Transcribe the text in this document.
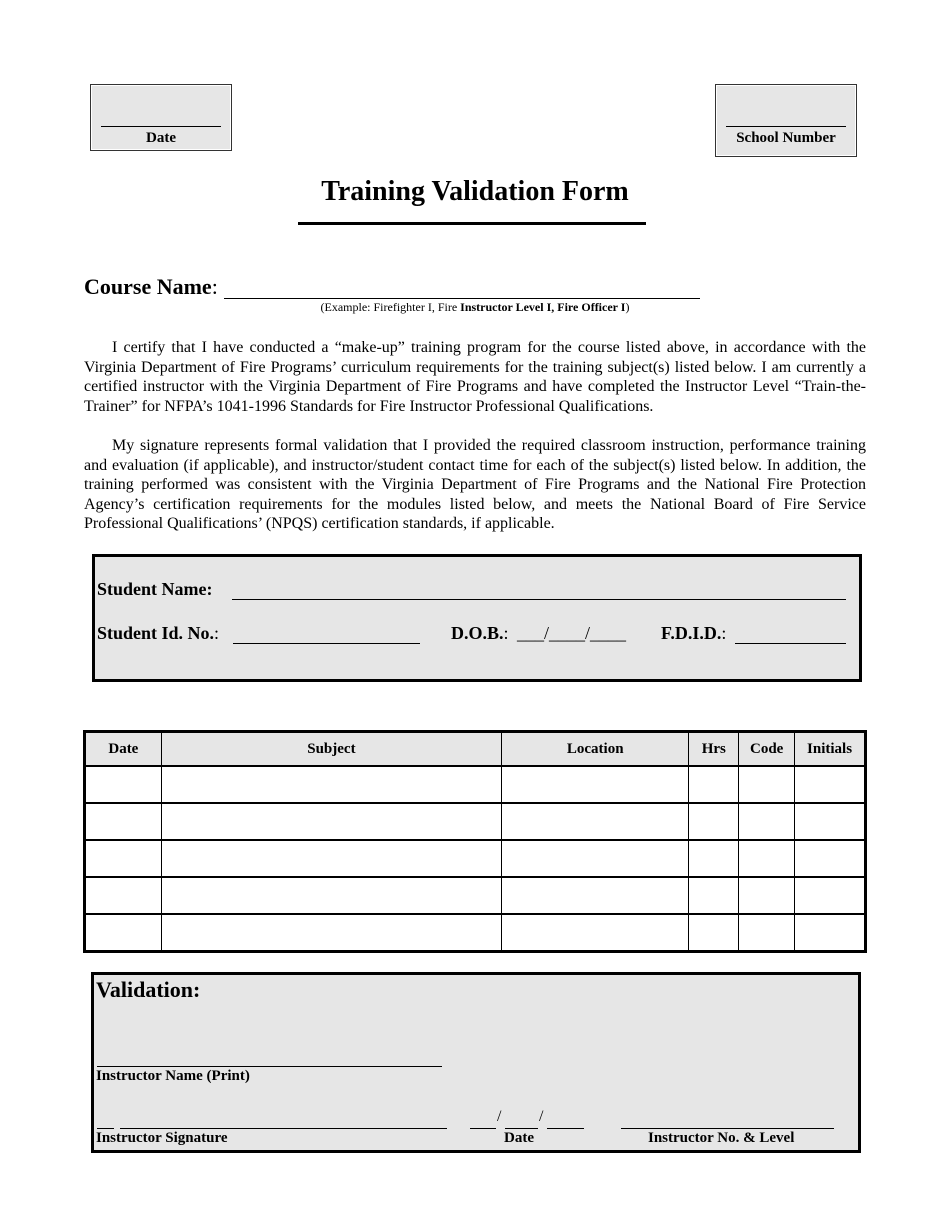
Date	School Number
Training Validation Form
Course Name:
(Example: Firefighter I, Fire Instructor Level I, Fire Officer I)
I certify that I have conducted a “make-up” training program for the course listed above, in accordance with the Virginia Department of Fire Programs’ curriculum requirements for the training subject(s) listed below. I am currently a certified instructor with the Virginia Department of Fire Programs and have completed the Instructor Level “Train-the-Trainer” for NFPA’s 1041-1996 Standards for Fire Instructor Professional Qualifications.
My signature represents formal validation that I provided the required classroom instruction, performance training and evaluation (if applicable), and instructor/student contact time for each of the subject(s) listed below. In addition, the training performed was consistent with the Virginia Department of Fire Programs and the National Fire Protection Agency’s certification requirements for the modules listed below, and meets the National Board of Fire Service Professional Qualifications’ (NPQS) certification standards, if applicable.
Student Name:
Student Id. No.:	D.O.B.: ___/____/____ F.D.I.D.:
Date	Subject	Location	Hrs	Code	Initials

Validation:
Instructor Name (Print)
Instructor Signature
/ /
Date	Instructor No. & Level
